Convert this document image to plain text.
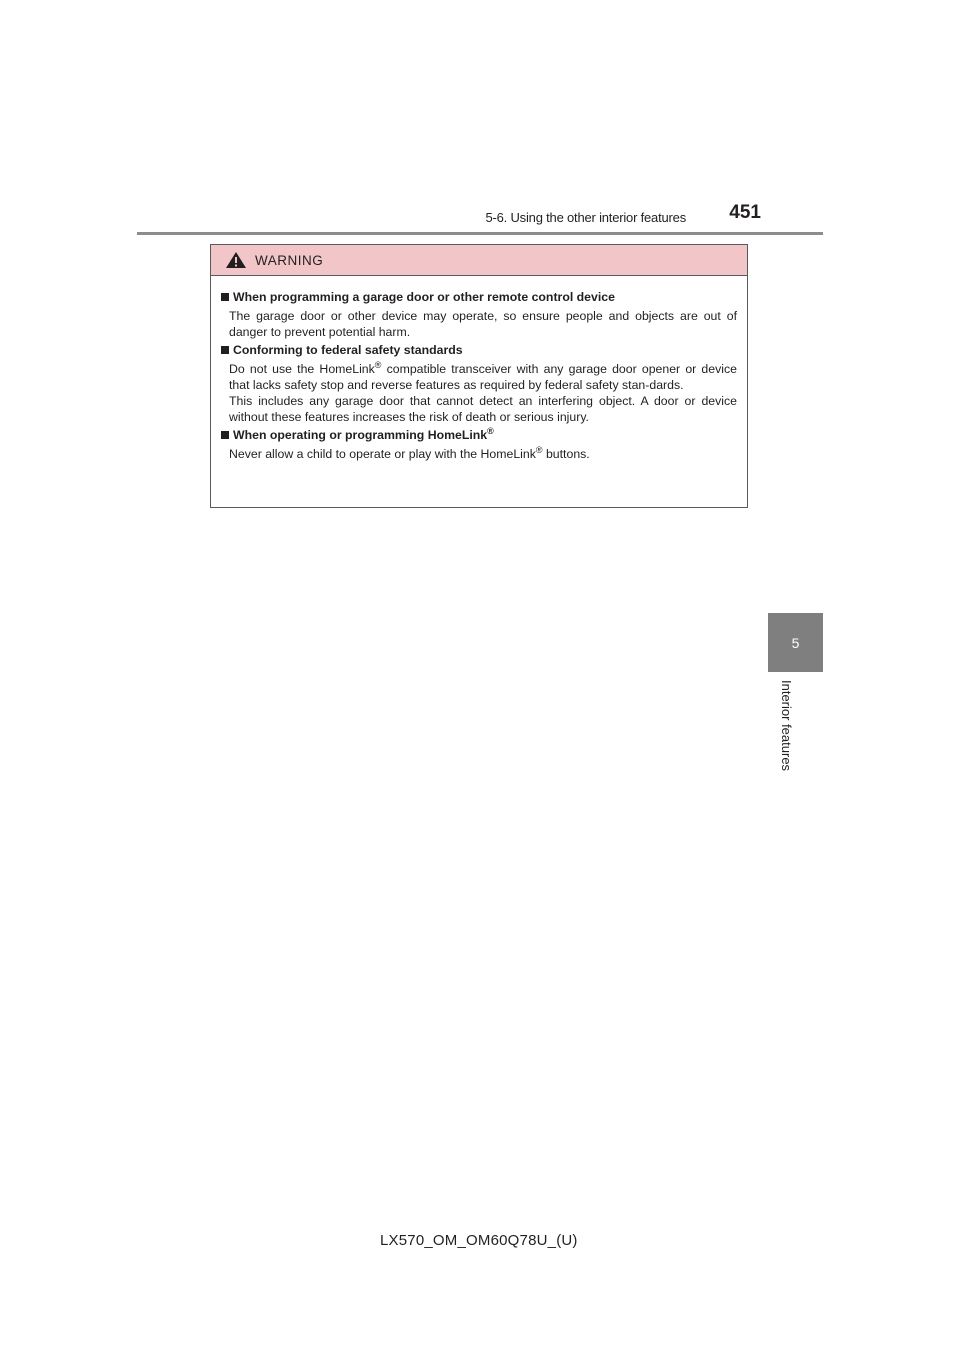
5-6. Using the other interior features	451
5
Interior features
WARNING
When programming a garage door or other remote control device
The garage door or other device may operate, so ensure people and objects are out of danger to prevent potential harm.
Conforming to federal safety standards
Do not use the HomeLink® compatible transceiver with any garage door opener or device that lacks safety stop and reverse features as required by federal safety stan-dards.
This includes any garage door that cannot detect an interfering object. A door or device without these features increases the risk of death or serious injury.
When operating or programming HomeLink®
Never allow a child to operate or play with the HomeLink® buttons.
LX570_OM_OM60Q78U_(U)
